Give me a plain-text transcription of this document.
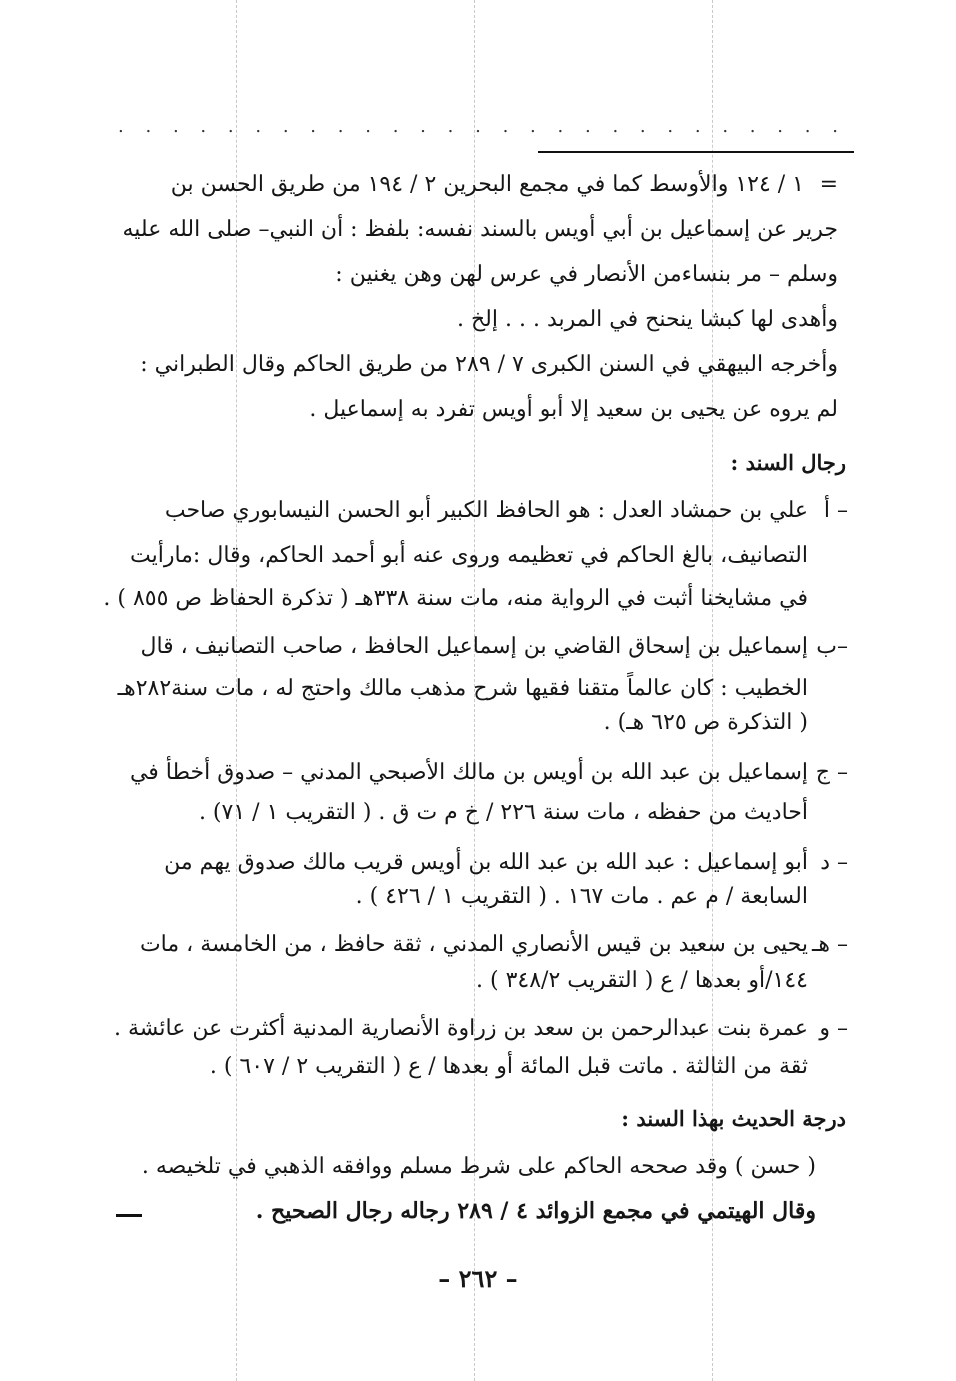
. . . . . . . . . . . . . . . . . . . . . . . . . . .
=
١ / ١٢٤ والأوسط كما في مجمع البحرين ٢ / ١٩٤ من طريق الحسن بن
جرير عن إسماعيل بن أبي أويس بالسند نفسه: بلفظ : أن النبي– صلى الله عليه
وسلم – مر بنساءمن الأنصار في عرس لهن وهن يغنين :
وأهدى لها كبشا ينحنح في المربد . . . إلخ .
وأخرجه البيهقي في السنن الكبرى ٧ / ٢٨٩ من طريق الحاكم وقال الطبراني :
لم يروه عن يحيى بن سعيد إلا أبو أويس تفرد به إسماعيل .
رجال السند :
أ –
علي بن حمشاد العدل : هو الحافظ الكبير أبو الحسن النيسابوري صاحب
التصانيف، بالغ الحاكم في تعظيمه وروى عنه أبو أحمد الحاكم، وقال :مارأيت
في مشايخنا أثبت في الرواية منه، مات سنة ٣٣٨هـ ( تذكرة الحفاظ ص ٨٥٥ ) .
ب–
إسماعيل بن إسحاق القاضي بن إسماعيل الحافظ ، صاحب التصانيف ، قال
الخطيب : كان عالماً متقنا فقيها شرح مذهب مالك واحتج له ، مات سنة٢٨٢هـ
( التذكرة ص ٦٢٥ هـ) .
ج –
إسماعيل بن عبد الله بن أويس بن مالك الأصبحي المدني – صدوق أخطأ في
أحاديث من حفظه ، مات سنة ٢٢٦ / خ م ت ق . ( التقريب ١ / ٧١) .
د –
أبو إسماعيل : عبد الله بن عبد الله بن أويس قريب مالك صدوق يهم من
السابعة / م عم . مات ١٦٧ . ( التقريب ١ / ٤٢٦ ) .
هـ –
يحيى بن سعيد بن قيس الأنصاري المدني ، ثقة حافظ ، من الخامسة ، مات
١٤٤/أو بعدها / ع ( التقريب ٣٤٨/٢ ) .
و –
عمرة بنت عبدالرحمن بن سعد بن زراوة الأنصارية المدنية أكثرت عن عائشة .
ثقة من الثالثة . ماتت قبل المائة أو بعدها / ع ( التقريب ٢ / ٦٠٧ ) .
درجة الحديث بهذا السند :
( حسن ) وقد صححه الحاكم على شرط مسلم ووافقه الذهبي في تلخيصه .
وقال الهيتمي في مجمع الزوائد ٤ / ٢٨٩ رجاله رجال الصحيح .
– ٢٦٢ –
